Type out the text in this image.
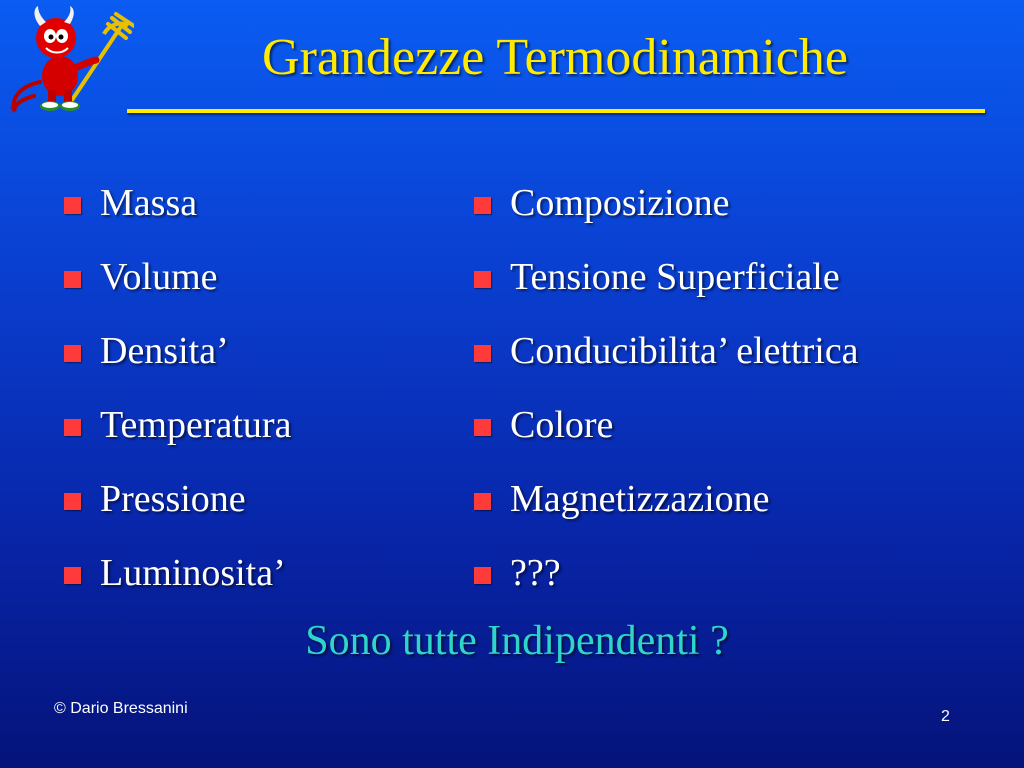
Grandezze Termodinamiche
Massa
Volume
Densita’
Temperatura
Pressione
Luminosita’
Composizione
Tensione Superficiale
Conducibilita’ elettrica
Colore
Magnetizzazione
???
Sono tutte Indipendenti ?
© Dario Bressanini	2
